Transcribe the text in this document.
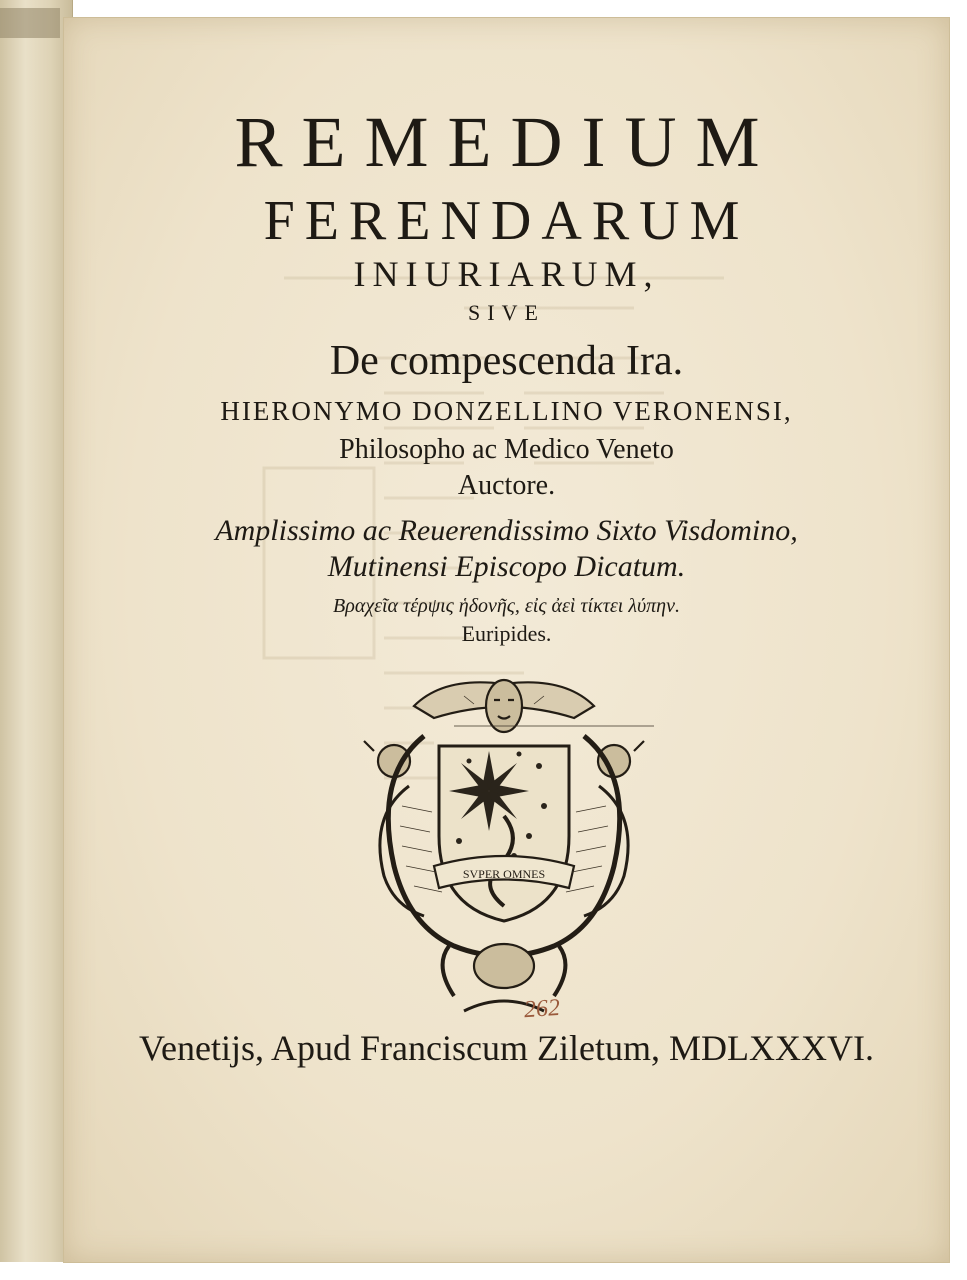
REMEDIUM
FERENDARUM
INIURIARUM,
SIVE
De compescenda Ira.
HIERONYMO DONZELLINO VERONENSI,
Philosopho ac Medico Veneto
Auctore.
Amplissimo ac Reuerendissimo Sixto Visdomino,
Mutinensi Episcopo Dicatum.
Βραχεῖα τέρψις ἡδονῆς, εἰς ἀεὶ τίκτει λύπην.
Euripides.
SVPER OMNES
262
Venetijs, Apud Franciscum Ziletum, MDLXXXVI.
